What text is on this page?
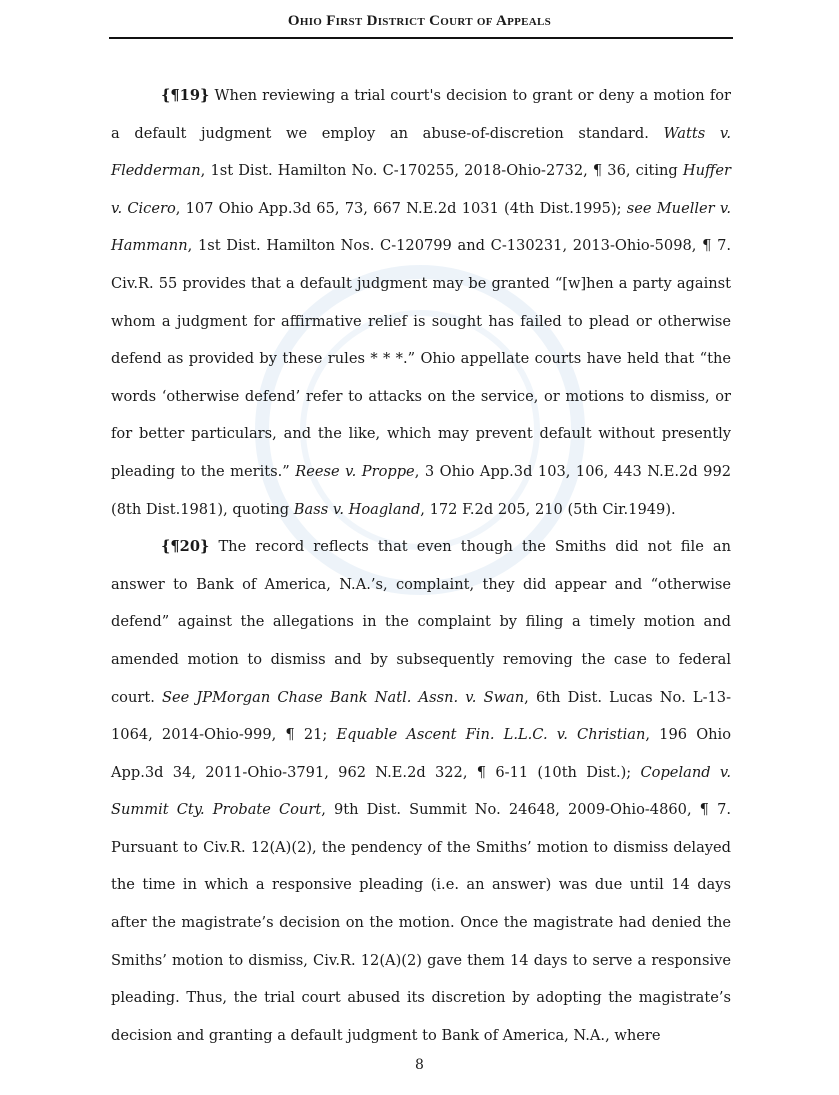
Ohio First District Court of Appeals

{¶19} When reviewing a trial court's decision to grant or deny a motion for a default judgment we employ an abuse-of-discretion standard. Watts v. Fledderman, 1st Dist. Hamilton No. C-170255, 2018-Ohio-2732, ¶ 36, citing Huffer v. Cicero, 107 Ohio App.3d 65, 73, 667 N.E.2d 1031 (4th Dist.1995); see Mueller v. Hammann, 1st Dist. Hamilton Nos. C-120799 and C-130231, 2013-Ohio-5098, ¶ 7. Civ.R. 55 provides that a default judgment may be granted “[w]hen a party against whom a judgment for affirmative relief is sought has failed to plead or otherwise defend as provided by these rules * * *.” Ohio appellate courts have held that “the words ‘otherwise defend’ refer to attacks on the service, or motions to dismiss, or for better particulars, and the like, which may prevent default without presently pleading to the merits.” Reese v. Proppe, 3 Ohio App.3d 103, 106, 443 N.E.2d 992 (8th Dist.1981), quoting Bass v. Hoagland, 172 F.2d 205, 210 (5th Cir.1949).

{¶20} The record reflects that even though the Smiths did not file an answer to Bank of America, N.A.’s, complaint, they did appear and “otherwise defend” against the allegations in the complaint by filing a timely motion and amended motion to dismiss and by subsequently removing the case to federal court. See JPMorgan Chase Bank Natl. Assn. v. Swan, 6th Dist. Lucas No. L-13-1064, 2014-Ohio-999, ¶ 21; Equable Ascent Fin. L.L.C. v. Christian, 196 Ohio App.3d 34, 2011-Ohio-3791, 962 N.E.2d 322, ¶ 6-11 (10th Dist.); Copeland v. Summit Cty. Probate Court, 9th Dist. Summit No. 24648, 2009-Ohio-4860, ¶ 7. Pursuant to Civ.R. 12(A)(2), the pendency of the Smiths’ motion to dismiss delayed the time in which a responsive pleading (i.e. an answer) was due until 14 days after the magistrate’s decision on the motion. Once the magistrate had denied the Smiths’ motion to dismiss, Civ.R. 12(A)(2) gave them 14 days to serve a responsive pleading. Thus, the trial court abused its discretion by adopting the magistrate’s decision and granting a default judgment to Bank of America, N.A., where

8
